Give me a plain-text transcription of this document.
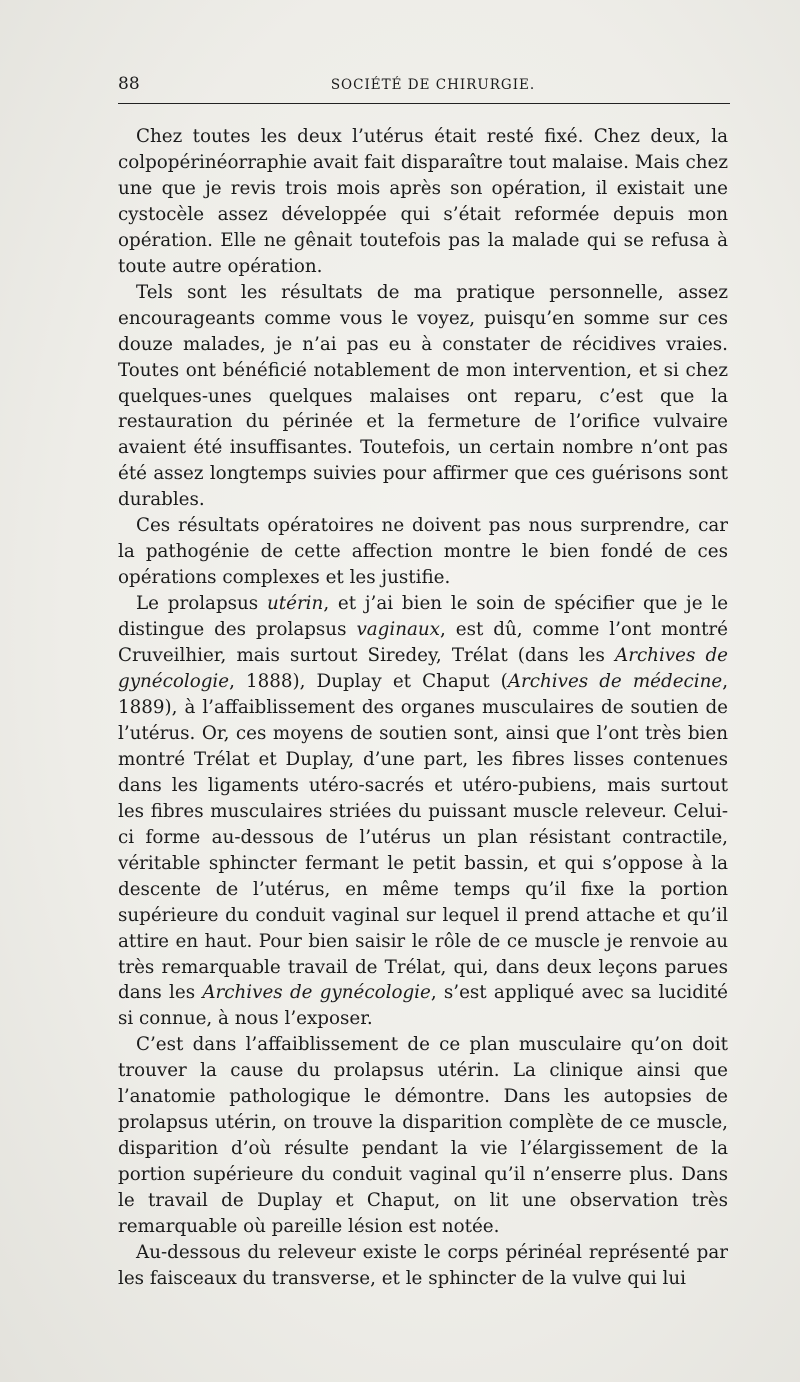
88	SOCIÉTÉ DE CHIRURGIE.

Chez toutes les deux l’utérus était resté fixé. Chez deux, la colpopérinéorraphie avait fait disparaître tout malaise. Mais chez une que je revis trois mois après son opération, il existait une cystocèle assez développée qui s’était reformée depuis mon opération. Elle ne gênait toutefois pas la malade qui se refusa à toute autre opération.

Tels sont les résultats de ma pratique personnelle, assez encourageants comme vous le voyez, puisqu’en somme sur ces douze malades, je n’ai pas eu à constater de récidives vraies. Toutes ont bénéficié notablement de mon intervention, et si chez quelques-unes quelques malaises ont reparu, c’est que la restauration du périnée et la fermeture de l’orifice vulvaire avaient été insuffisantes. Toutefois, un certain nombre n’ont pas été assez longtemps suivies pour affirmer que ces guérisons sont durables.

Ces résultats opératoires ne doivent pas nous surprendre, car la pathogénie de cette affection montre le bien fondé de ces opérations complexes et les justifie.

Le prolapsus utérin, et j’ai bien le soin de spécifier que je le distingue des prolapsus vaginaux, est dû, comme l’ont montré Cruveilhier, mais surtout Siredey, Trélat (dans les Archives de gynécologie, 1888), Duplay et Chaput (Archives de médecine, 1889), à l’affaiblissement des organes musculaires de soutien de l’utérus. Or, ces moyens de soutien sont, ainsi que l’ont très bien montré Trélat et Duplay, d’une part, les fibres lisses contenues dans les ligaments utéro-sacrés et utéro-pubiens, mais surtout les fibres musculaires striées du puissant muscle releveur. Celui-ci forme au-dessous de l’utérus un plan résistant contractile, véritable sphincter fermant le petit bassin, et qui s’oppose à la descente de l’utérus, en même temps qu’il fixe la portion supérieure du conduit vaginal sur lequel il prend attache et qu’il attire en haut. Pour bien saisir le rôle de ce muscle je renvoie au très remarquable travail de Trélat, qui, dans deux leçons parues dans les Archives de gynécologie, s’est appliqué avec sa lucidité si connue, à nous l’exposer.

C’est dans l’affaiblissement de ce plan musculaire qu’on doit trouver la cause du prolapsus utérin. La clinique ainsi que l’anatomie pathologique le démontre. Dans les autopsies de prolapsus utérin, on trouve la disparition complète de ce muscle, disparition d’où résulte pendant la vie l’élargissement de la portion supérieure du conduit vaginal qu’il n’enserre plus. Dans le travail de Duplay et Chaput, on lit une observation très remarquable où pareille lésion est notée.

Au-dessous du releveur existe le corps périnéal représenté par les faisceaux du transverse, et le sphincter de la vulve qui lui
